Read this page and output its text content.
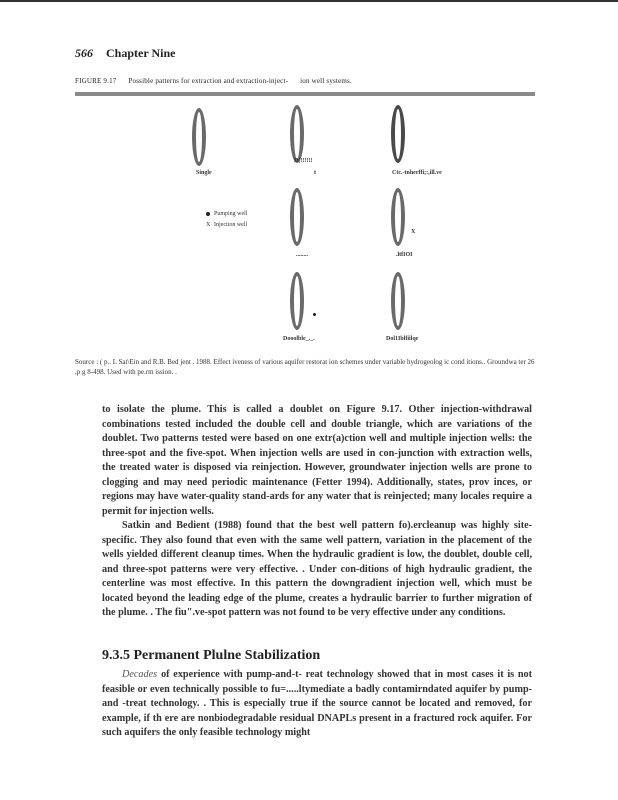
566 Chapter Nine
FIGURE 9.17 Possible patterns for extraction and extraction-inject- ion well systems.
Single
D(!!!!!!
t	Ctc.-tnherffi;:,ill.ve
Pumping well
X Injection well
........
X
.ltfIOI
Dooolble_._.	Dol1Iblfiilqe
Source : ( p.. L Sat\Ein and R.B. Bed jent . 1988. Effect iveness of various aquifer restorat ion schemes under variable hydrogeolog ic cond itions.. Groundwa ter 26 ,p g 8-498. Used with pe.rm ission. .

to isolate the plume. This is called a doublet on Figure 9.17. Other injection-withdrawal combinations tested included the double cell and double triangle, which are variations of the doublet. Two patterns tested were based on one extr(a)ction well and multiple injection wells: the three-spot and the five-spot. When injection wells are used in con-junction with extraction wells, the treated water is disposed via reinjection. However, groundwater injection wells are prone to clogging and may need periodic maintenance (Fetter 1994). Additionally, states, prov inces, or regions may have water-quality stand-ards for any water that is reinjected; many locales require a permit for injection wells.

Satkin and Bedient (1988) found that the best well pattern fo).ercleanup was highly site-specific. They also found that even with the same well pattern, variation in the placement of the wells yielded different cleanup times. When the hydraulic gradient is low, the doublet, double cell, and three-spot patterns were very effective. . Under con-ditions of high hydraulic gradient, the centerline was most effective. In this pattern the downgradient injection well, which must be located beyond the leading edge of the plume, creates a hydraulic barrier to further migration of the plume. . The fiu".ve-spot pattern was not found to be very effective under any conditions.

9.3.5 Permanent Plulne Stabilization

Decades of experience with pump-and-t- reat technology showed that in most cases it is not feasible or even technically possible to fu=.....ltymediate a badly contamirndated aquifer by pump-and -treat technology. . This is especially true if the source cannot be located and removed, for example, if th ere are nonbiodegradable residual DNAPLs present in a fractured rock aquifer. For such aquifers the only feasible technology might
